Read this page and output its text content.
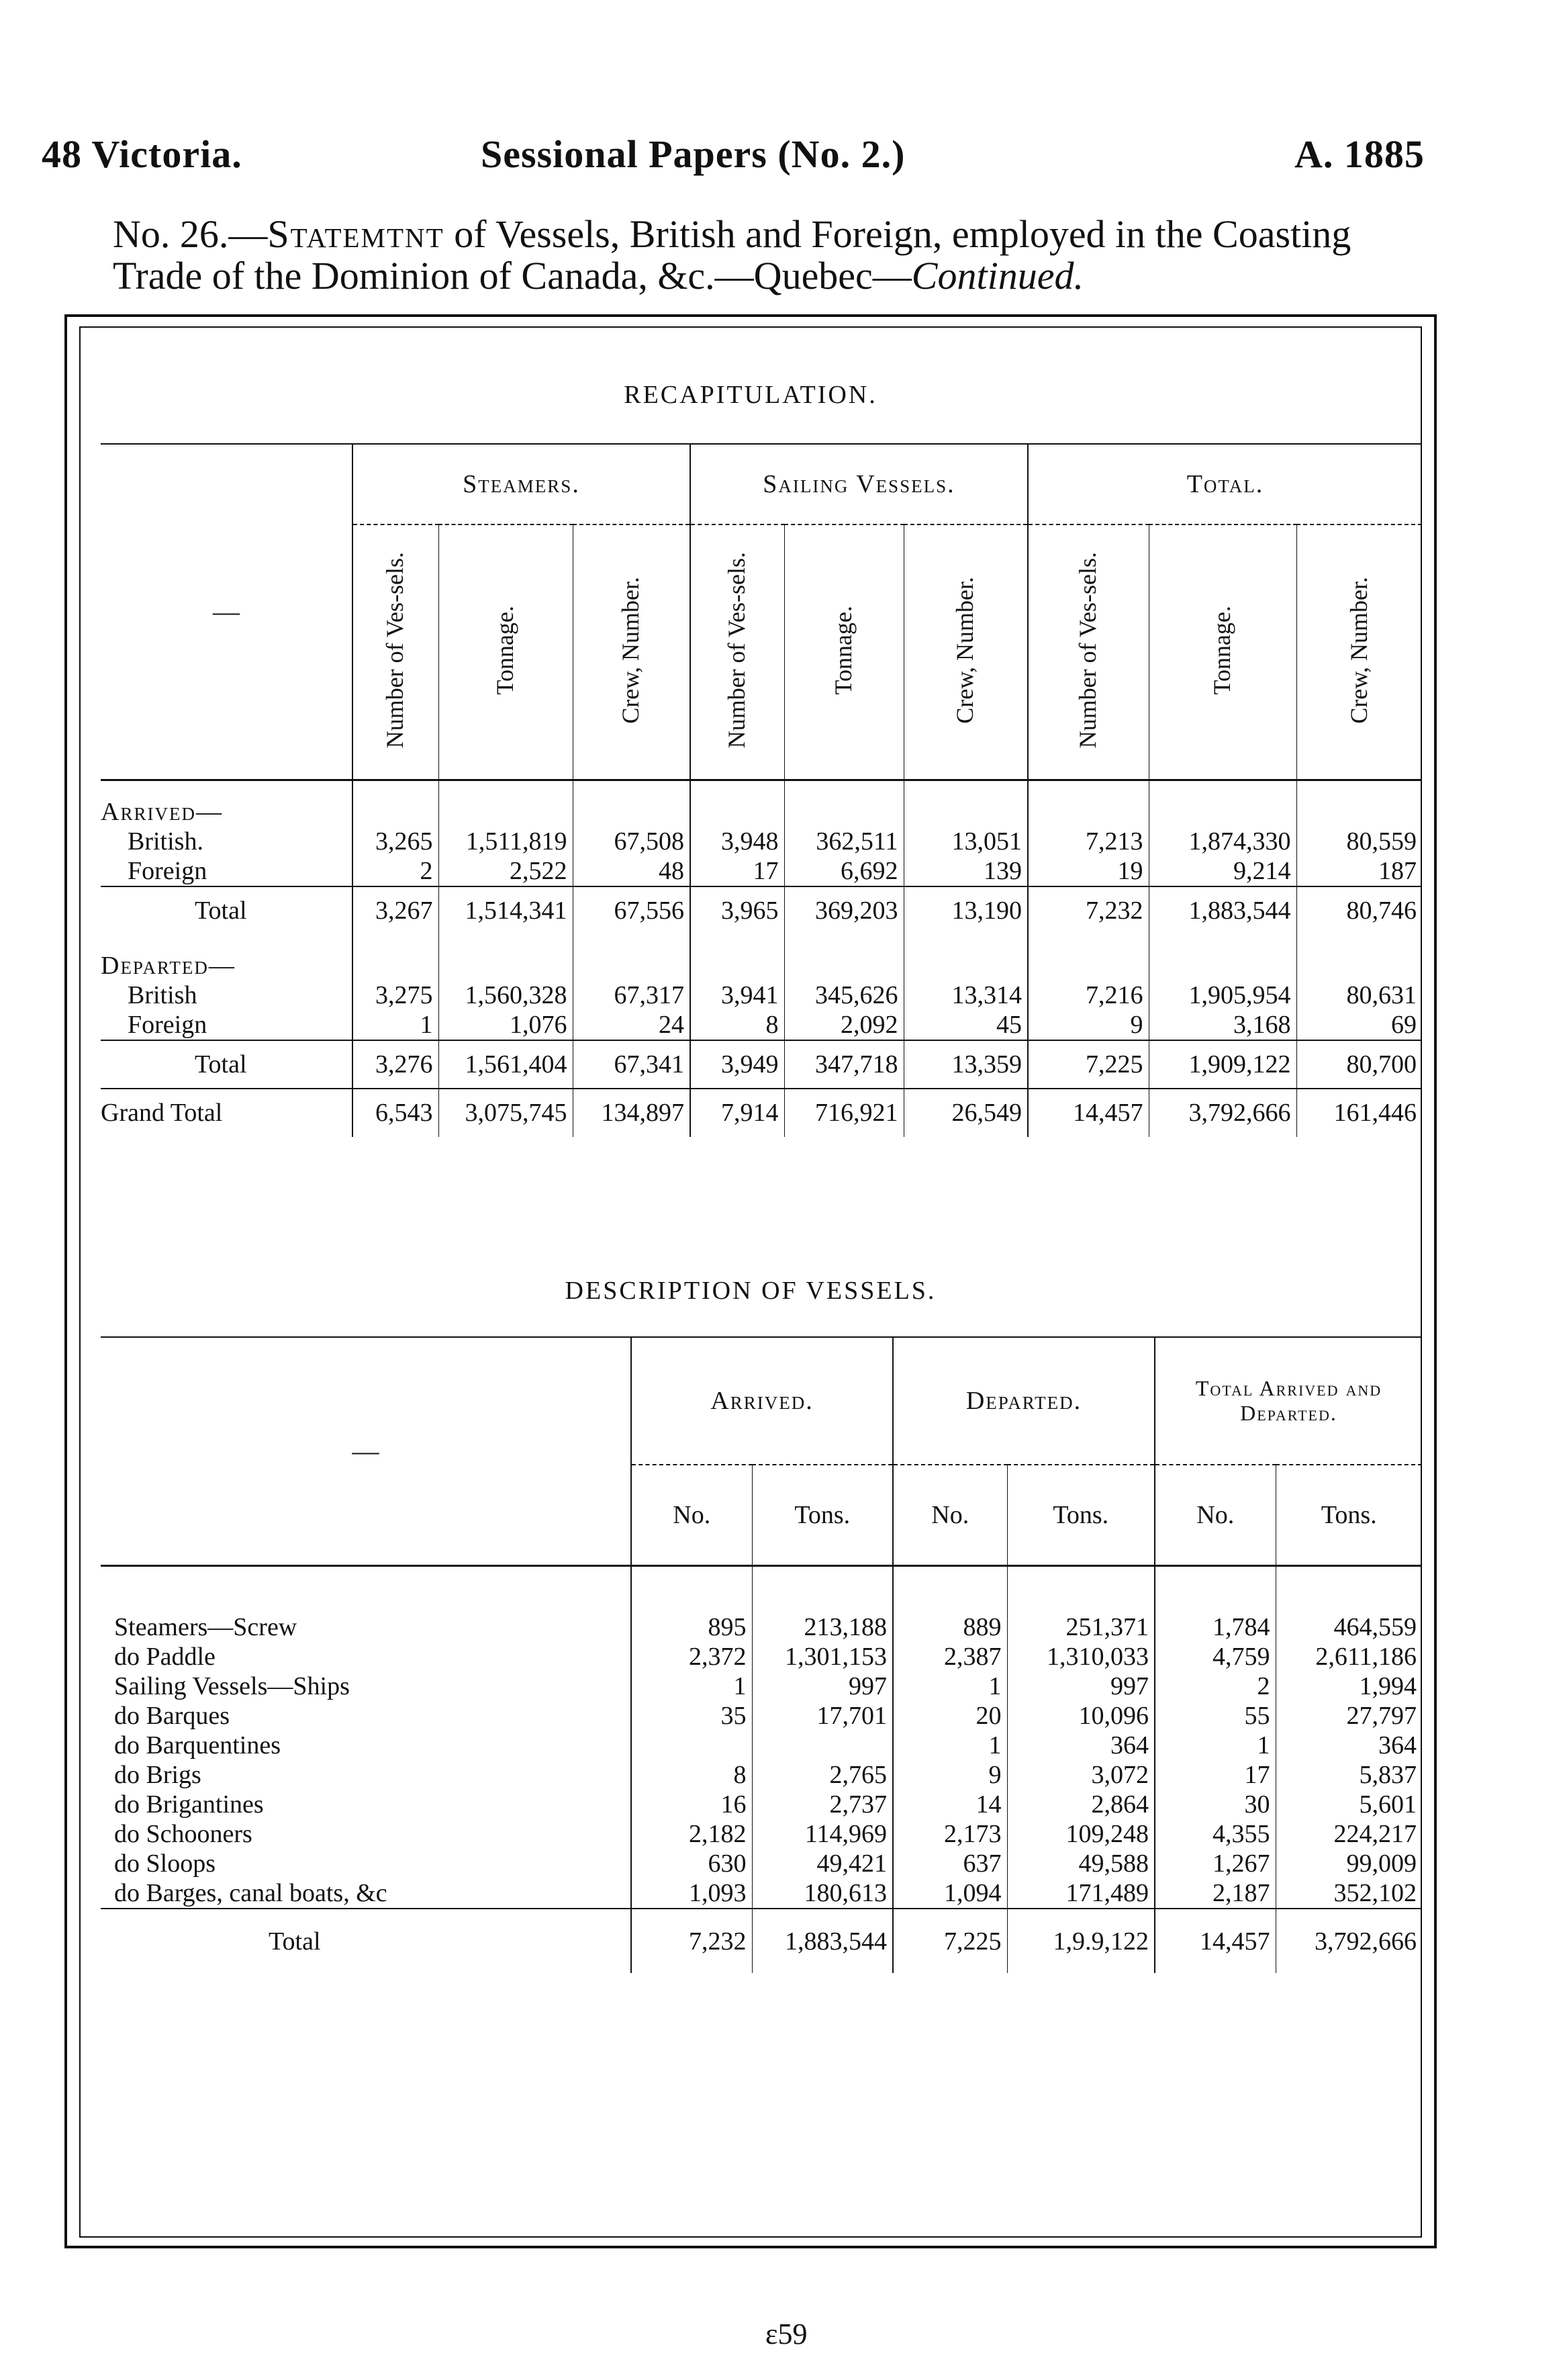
48 Victoria.	Sessional Papers (No. 2.)	A. 1885
No. 26.—Statemtnt of Vessels, British and Foreign, employed in the Coasting Trade of the Dominion of Canada, &c.—Quebec—Continued.
RECAPITULATION.
—	Steamers.			Sailing Vessels.			Total.		
	Number of Ves-sels.	Tonnage.	Crew, Number.	Number of Ves-sels.	Tonnage.	Crew, Number.	Number of Ves-sels.	Tonnage.	Crew, Number.
Arrived—									
British.	3,265	1,511,819	67,508	3,948	362,511	13,051	7,213	1,874,330	80,559
Foreign	2	2,522	48	17	6,692	139	19	9,214	187
Total	3,267	1,514,341	67,556	3,965	369,203	13,190	7,232	1,883,544	80,746
Departed—									
British	3,275	1,560,328	67,317	3,941	345,626	13,314	7,216	1,905,954	80,631
Foreign	1	1,076	24	8	2,092	45	9	3,168	69
Total	3,276	1,561,404	67,341	3,949	347,718	13,359	7,225	1,909,122	80,700
Grand Total	6,543	3,075,745	134,897	7,914	716,921	26,549	14,457	3,792,666	161,446
DESCRIPTION OF VESSELS.
—	Arrived.		Departed.		Total Arrived and Departed.	
	No.	Tons.	No.	Tons.	No.	Tons.

Steamers—Screw	895	213,188	889	251,371	1,784	464,559
do Paddle	2,372	1,301,153	2,387	1,310,033	4,759	2,611,186
Sailing Vessels—Ships	1	997	1	997	2	1,994
do Barques	35	17,701	20	10,096	55	27,797
do Barquentines			1	364	1	364
do Brigs	8	2,765	9	3,072	17	5,837
do Brigantines	16	2,737	14	2,864	30	5,601
do Schooners	2,182	114,969	2,173	109,248	4,355	224,217
do Sloops	630	49,421	637	49,588	1,267	99,009
do Barges, canal boats, &c	1,093	180,613	1,094	171,489	2,187	352,102
Total	7,232	1,883,544	7,225	1,9.9,122	14,457	3,792,666
ε59
